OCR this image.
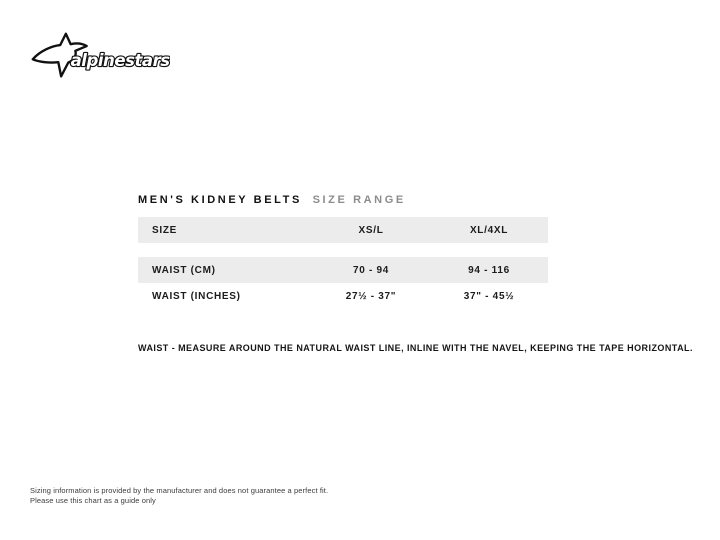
alpinestars
MEN'S KIDNEY BELTS SIZE RANGE
SIZE	XS/L	XL/4XL
WAIST (CM)	70 - 94	94 - 116
WAIST (INCHES)	27½ - 37"	37" - 45½

WAIST - MEASURE AROUND THE NATURAL WAIST LINE, INLINE WITH THE NAVEL, KEEPING THE TAPE HORIZONTAL.

Sizing information is provided by the manufacturer and does not guarantee a perfect fit.
Please use this chart as a guide only
